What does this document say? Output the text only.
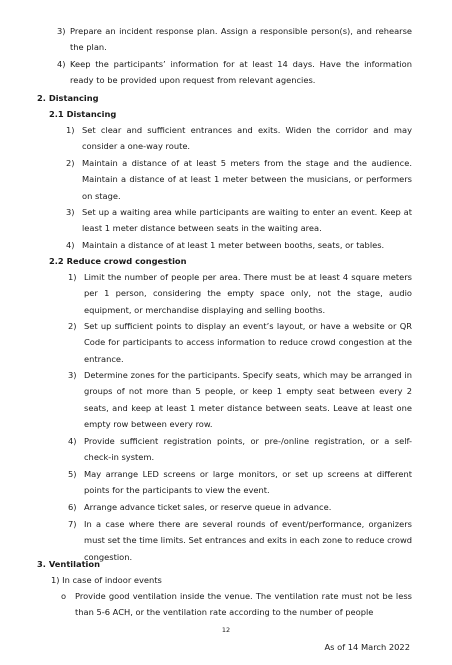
3) Prepare an incident response plan. Assign a responsible person(s), and rehearse the plan.
4) Keep the participants’ information for at least 14 days. Have the information ready to be provided upon request from relevant agencies.
2. Distancing
2.1 Distancing
1) Set clear and sufficient entrances and exits. Widen the corridor and may consider a one-way route.
2) Maintain a distance of at least 5 meters from the stage and the audience. Maintain a distance of at least 1 meter between the musicians, or performers on stage.
3) Set up a waiting area while participants are waiting to enter an event. Keep at least 1 meter distance between seats in the waiting area.
4) Maintain a distance of at least 1 meter between booths, seats, or tables.
2.2 Reduce crowd congestion
1) Limit the number of people per area. There must be at least 4 square meters per 1 person, considering the empty space only, not the stage, audio equipment, or merchandise displaying and selling booths.
2) Set up sufficient points to display an event’s layout, or have a website or QR Code for participants to access information to reduce crowd congestion at the entrance.
3) Determine zones for the participants. Specify seats, which may be arranged in groups of not more than 5 people, or keep 1 empty seat between every 2 seats, and keep at least 1 meter distance between seats. Leave at least one empty row between every row.
4) Provide sufficient registration points, or pre-/online registration, or a self-check-in system.
5) May arrange LED screens or large monitors, or set up screens at different points for the participants to view the event.
6) Arrange advance ticket sales, or reserve queue in advance.
7) In a case where there are several rounds of event/performance, organizers must set the time limits. Set entrances and exits in each zone to reduce crowd congestion.
3. Ventilation
1) In case of indoor events
o Provide good ventilation inside the venue. The ventilation rate must not be less than 5-6 ACH, or the ventilation rate according to the number of people
12
As of 14 March 2022
